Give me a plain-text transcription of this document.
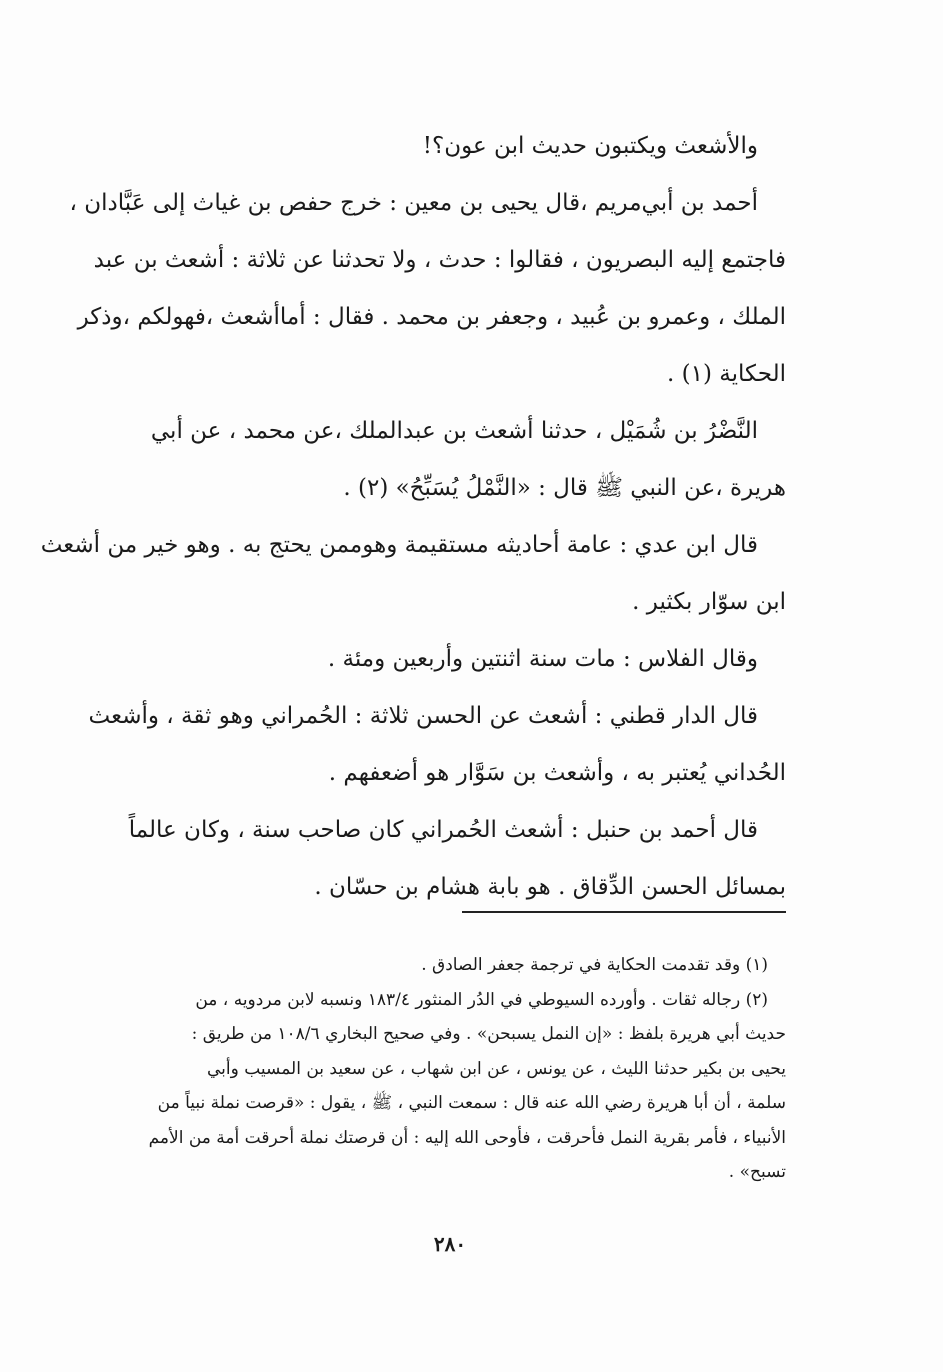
والأشعث ويكتبون حديث ابن عون؟!
أحمد بن أبي‌مريم ،قال يحيى بن معين : خرج حفص بن غياث إلى عَبَّادان ،
فاجتمع إليه البصريون ، فقالوا : حدث ، ولا تحدثنا عن ثلاثة : أشعث بن عبد
الملك ، وعمرو بن عُبيد ، وجعفر بن محمد . فقال : أماأشعث ،فهولكم ،وذكر
الحكاية (١) .
النَّضْرُ بن شُمَيْل ، حدثنا أشعث بن عبدالملك ،عن محمد ، عن أبي
هريرة ،عن النبي ﷺ قال : «النَّمْلُ يُسَبِّحُ» (٢) .
قال ابن عدي : عامة أحاديثه مستقيمة وهوممن يحتج به . وهو خير من أشعث
ابن سوّار بكثير .
وقال الفلاس : مات سنة اثنتين وأربعين ومئة .
قال الدار قطني : أشعث عن الحسن ثلاثة : الحُمراني وهو ثقة ، وأشعث
الحُداني يُعتبر به ، وأشعث بن سَوَّار هو أضعفهم .
قال أحمد بن حنبل : أشعث الحُمراني كان صاحب سنة ، وكان عالماً
بمسائل الحسن الدِّقاق . هو بابة هشام بن حسّان .
(١) وقد تقدمت الحكاية في ترجمة جعفر الصادق .
(٢) رجاله ثقات . وأورده السيوطي في الدُر المنثور ١٨٣/٤ ونسبه لابن مردويه ، من
حديث أبي هريرة بلفظ : «إن النمل يسبحن» . وفي صحيح البخاري ١٠٨/٦ من طريق :
يحيى بن بكير حدثنا الليث ، عن يونس ، عن ابن شهاب ، عن سعيد بن المسيب وأبي
سلمة ، أن أبا هريرة رضي الله عنه قال : سمعت النبي ، ﷺ ، يقول : «قرصت نملة نبياً من
الأنبياء ، فأمر بقرية النمل فأحرقت ، فأوحى الله إليه : أن قرصتك نملة أحرقت أمة من الأمم
تسبح» .
٢٨٠
